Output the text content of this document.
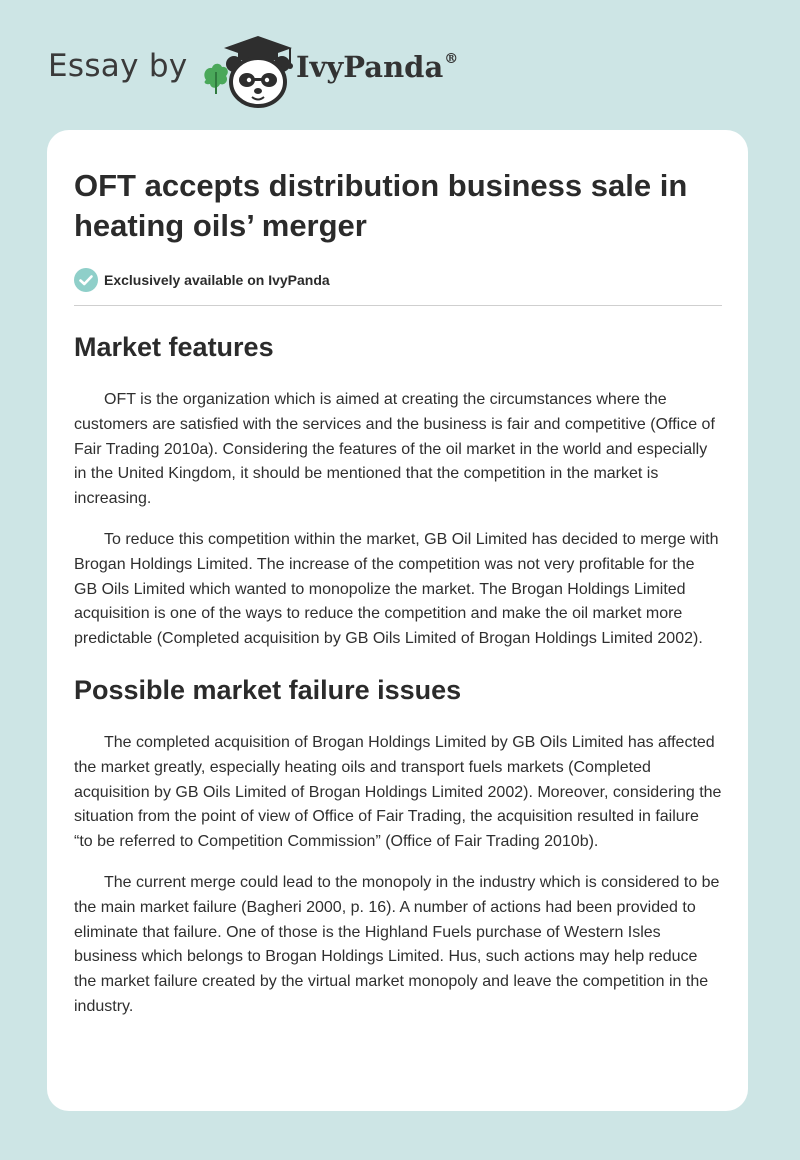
Essay by	IvyPanda®
OFT accepts distribution business sale in heating oils’ merger
Exclusively available on IvyPanda
Market features

OFT is the organization which is aimed at creating the circumstances where the customers are satisfied with the services and the business is fair and competitive (Office of Fair Trading 2010a). Considering the features of the oil market in the world and especially in the United Kingdom, it should be mentioned that the competition in the market is increasing.

To reduce this competition within the market, GB Oil Limited has decided to merge with Brogan Holdings Limited. The increase of the competition was not very profitable for the GB Oils Limited which wanted to monopolize the market. The Brogan Holdings Limited acquisition is one of the ways to reduce the competition and make the oil market more predictable (Completed acquisition by GB Oils Limited of Brogan Holdings Limited 2002).

Possible market failure issues

The completed acquisition of Brogan Holdings Limited by GB Oils Limited has affected the market greatly, especially heating oils and transport fuels markets (Completed acquisition by GB Oils Limited of Brogan Holdings Limited 2002). Moreover, considering the situation from the point of view of Office of Fair Trading, the acquisition resulted in failure “to be referred to Competition Commission” (Office of Fair Trading 2010b).

The current merge could lead to the monopoly in the industry which is considered to be the main market failure (Bagheri 2000, p. 16). A number of actions had been provided to eliminate that failure. One of those is the Highland Fuels purchase of Western Isles business which belongs to Brogan Holdings Limited. Hus, such actions may help reduce the market failure created by the virtual market monopoly and leave the competition in the industry.
